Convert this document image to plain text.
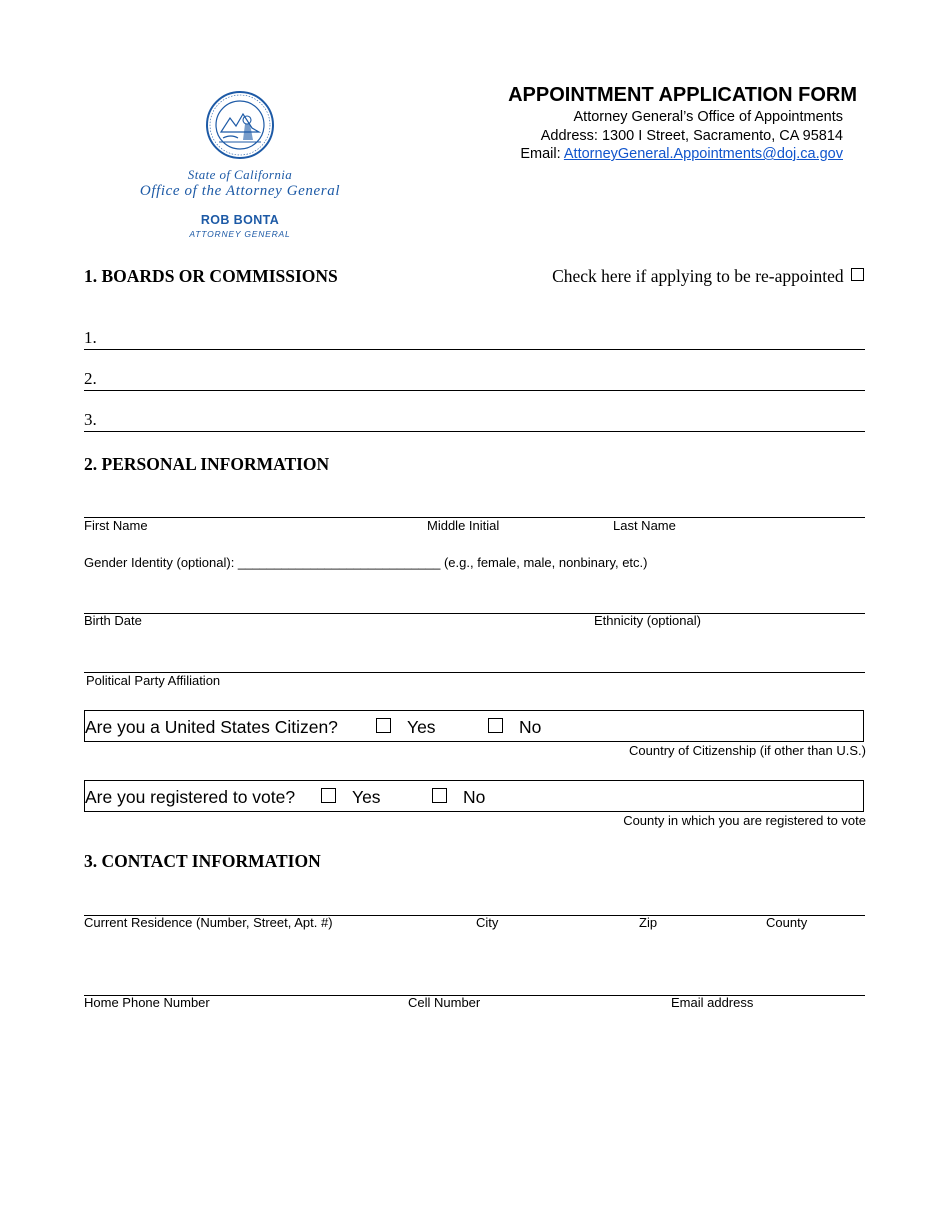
State of California
Office of the Attorney General
ROB BONTA
ATTORNEY GENERAL
APPOINTMENT APPLICATION FORM
Attorney General’s Office of Appointments
Address: 1300 I Street, Sacramento, CA 95814
Email: AttorneyGeneral.Appointments@doj.ca.gov
1. BOARDS OR COMMISSIONS	Check here if applying to be re-appointed
1.
2.
3.
2. PERSONAL INFORMATION
First Name	Middle Initial	Last Name
Gender Identity (optional): ____________________________ (e.g., female, male, nonbinary, etc.)
Birth Date	Ethnicity (optional)
Political Party Affiliation
Are you a United States Citizen?	Yes	No
Country of Citizenship (if other than U.S.)
Are you registered to vote?	Yes	No
County in which you are registered to vote
3. CONTACT INFORMATION
Current Residence (Number, Street, Apt. #)	City	Zip	County
Home Phone Number	Cell Number	Email address
